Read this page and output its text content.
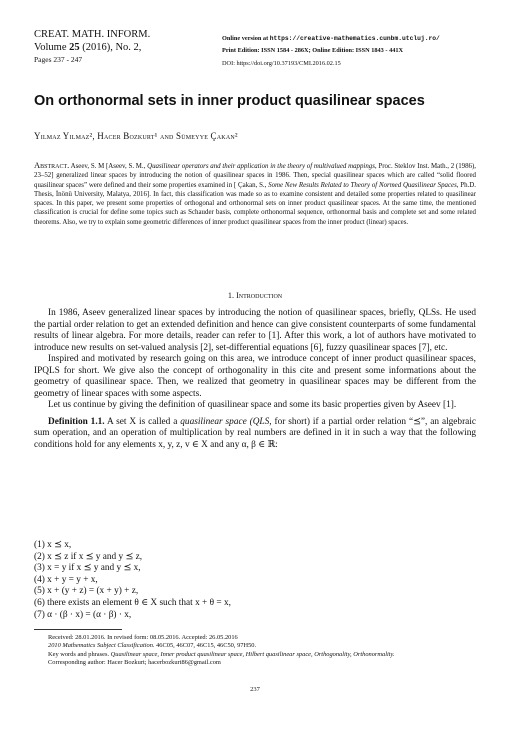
CREAT. MATH. INFORM.
Volume 25 (2016), No. 2,
Pages 237 - 247
Online version at https://creative-mathematics.cunbm.utcluj.ro/
Print Edition: ISSN 1584 - 286X; Online Edition: ISSN 1843 - 441X
DOI: https://doi.org/10.37193/CMI.2016.02.15
On orthonormal sets in inner product quasilinear spaces
Yilmaz Yilmaz², Hacer Bozkurt¹ and Sümeyye Çakan²
Abstract. Aseev, S. M [Aseev, S. M., Quasilinear operators and their application in the theory of multivalued mappings, Proc. Steklov Inst. Math., 2 (1986), 23–52] generalized linear spaces by introducing the notion of quasilinear spaces in 1986. Then, special quasilinear spaces which are called “solid floored quasilinear spaces” were defined and their some properties examined in [ Çakan, S., Some New Results Related to Theory of Normed Quasilinear Spaces, Ph.D. Thesis, İnönü University, Malatya, 2016]. In fact, this classification was made so as to examine consistent and detailed some properties related to quasilinear spaces. In this paper, we present some properties of orthogonal and orthonormal sets on inner product quasilinear spaces. At the same time, the mentioned classification is crucial for define some topics such as Schauder basis, complete orthonormal sequence, orthonormal basis and complete set and some related theorems. Also, we try to explain some geometric differences of inner product quasilinear spaces from the inner product (linear) spaces.
1. Introduction

In 1986, Aseev generalized linear spaces by introducing the notion of quasilinear spaces, briefly, QLSs. He used the partial order relation to get an extended definition and hence can give consistent counterparts of some fundamental results of linear algebra. For more details, reader can refer to [1]. After this work, a lot of authors have motivated to introduce new results on set-valued analysis [2], set-differential equations [6], fuzzy quasilinear spaces [7], etc.

Inspired and motivated by research going on this area, we introduce concept of inner product quasilinear spaces, IPQLS for short. We give also the concept of orthogonality in this cite and present some informations about the geometry of quasilinear space. Then, we realized that geometry in quasilinear spaces may be different from the geometry of linear spaces with some aspects.

Let us continue by giving the definition of quasilinear space and some its basic properties given by Aseev [1].

Definition 1.1. A set X is called a quasilinear space (QLS, for short) if a partial order relation “⪯”, an algebraic sum operation, and an operation of multiplication by real numbers are defined in it in such a way that the following conditions hold for any elements x, y, z, v ∈ X and any α, β ∈ ℝ:

(1) x ⪯ x,
(2) x ⪯ z if x ⪯ y and y ⪯ z,
(3) x = y if x ⪯ y and y ⪯ x,
(4) x + y = y + x,
(5) x + (y + z) = (x + y) + z,
(6) there exists an element θ ∈ X such that x + θ = x,
(7) α · (β · x) = (α · β) · x,
Received: 28.01.2016. In revised form: 08.05.2016. Accepted: 26.05.2016
2010 Mathematics Subject Classification. 46C05, 46C07, 46C15, 46C50, 97H50.
Key words and phrases. Quasilinear space, Inner product quasilinear space, Hilbert quasilinear space, Orthogonality, Orthonormality.
Corresponding author: Hacer Bozkurt; hacerbozkurt86@gmail.com
237
